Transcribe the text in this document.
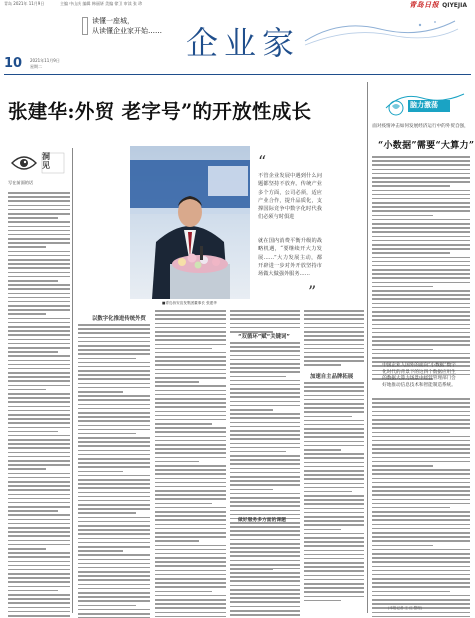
青岛 2021年 11月9日	主编 中山庆 编辑 韩丽妍 美编 徐卫 审读 张 珍	青岛日报 QIYEJIA
读懂一座城，
从读懂企业家开始…… 企业家
10 2021年11月9日
星期二
张建华:外贸 老字号”的开放性成长
洞见
写在前面的话
■青岛侨安宣发集团董事长 张建华
“
不管企业发展中遇到什么问题都坚持不放弃。传统产业多个方面，公司必须，适应产业合作，提升品质化，支撑国际竞争中数字化时代我们必须与时俱进
就在国内消费平衡升级的战略机遇，“要继续开大力发展……”大力发展主动，都开辟进一步对外开放坚持市场做大做强外服务……
”
以数字化推进传统外贸
“双循环”赋“关键词”
加速自主品牌拓展
脑力激荡
面对疫情冲击如何发展经济运行中的外贸自强，
“小数据”需要“大算力”
中国企业人国外的面向“小数据”数字化时代的背景下的这四个数据应用生的数据大算力场景中经营管理部门会好地推动信息技术和智能制造系统。
(本报记者 王 红 整理)
做好服务多方面的课题
